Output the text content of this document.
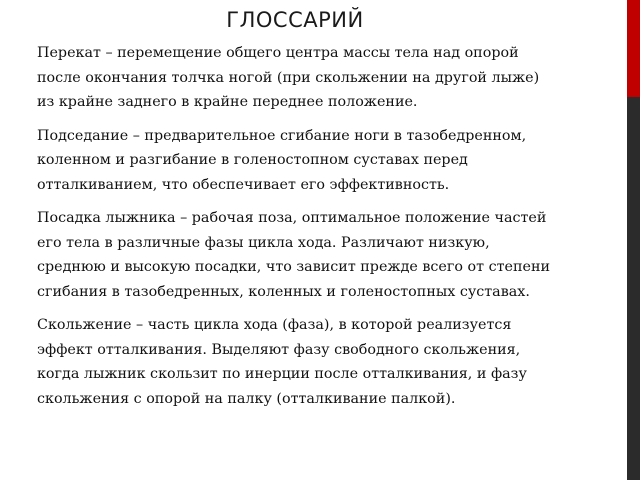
ГЛОССАРИЙ

Перекат – перемещение общего центра массы тела над опорой после окончания толчка ногой (при скольжении на другой лыже) из крайне заднего в крайне переднее положение.

Подседание – предварительное сгибание ноги в тазобедренном, коленном и разгибание в голеностопном суставах перед отталкиванием, что обеспечивает его эффективность.

Посадка лыжника – рабочая поза, оптимальное положение частей его тела в различные фазы цикла хода. Различают низкую, среднюю и высокую посадки, что зависит прежде всего от степени сгибания в тазобедренных, коленных и голеностопных суставах.

Скольжение – часть цикла хода (фаза), в которой реализуется эффект отталкивания. Выделяют фазу свободного скольжения, когда лыжник скользит по инерции после отталкивания, и фазу скольжения с опорой на палку (отталкивание палкой).
